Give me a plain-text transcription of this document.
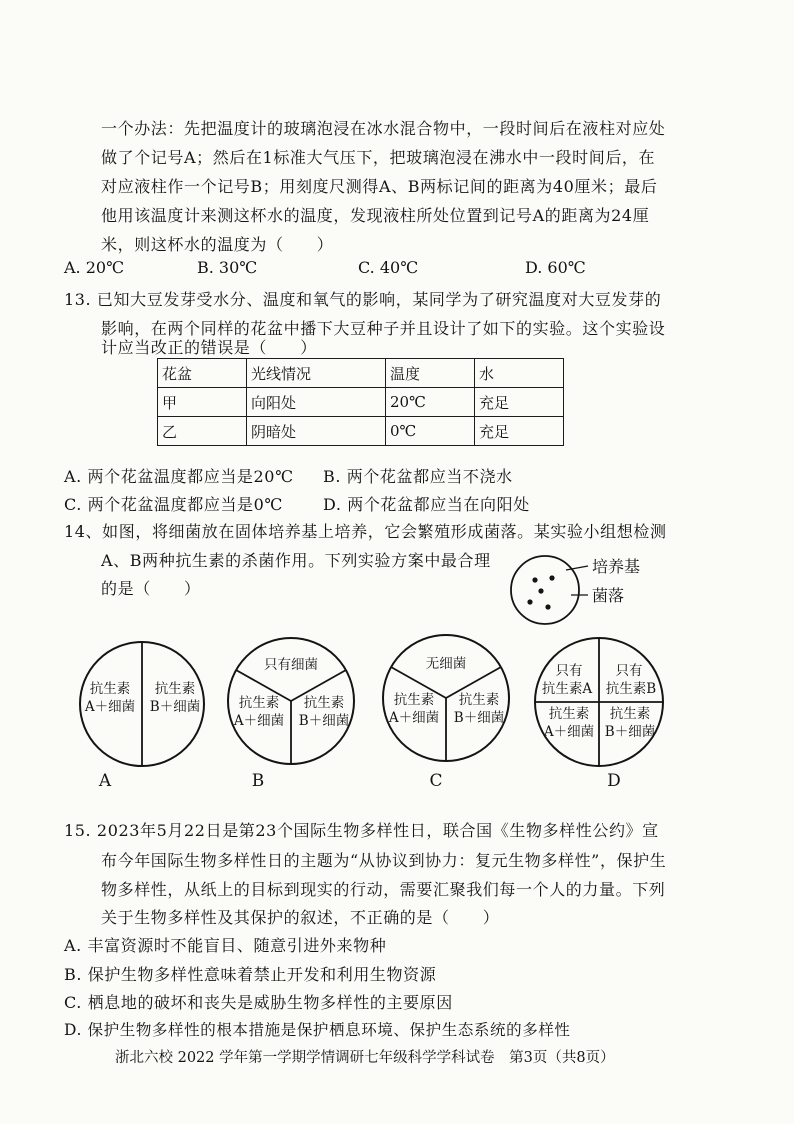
一个办法：先把温度计的玻璃泡浸在冰水混合物中，一段时间后在液柱对应处
做了个记号A；然后在1标准大气压下，把玻璃泡浸在沸水中一段时间后，在
对应液柱作一个记号B；用刻度尺测得A、B两标记间的距离为40厘米；最后
他用该温度计来测这杯水的温度，发现液柱所处位置到记号A的距离为24厘
米，则这杯水的温度为（　　）
A. 20℃	B. 30℃	C. 40℃	D. 60℃
13. 已知大豆发芽受水分、温度和氧气的影响，某同学为了研究温度对大豆发芽的
影响，在两个同样的花盆中播下大豆种子并且设计了如下的实验。这个实验设
计应当改正的错误是（　　）
花盆	光线情况	温度	水
甲	向阳处	20℃	充足
乙	阴暗处	0℃	充足
A. 两个花盆温度都应当是20℃ B. 两个花盆都应当不浇水
C. 两个花盆温度都应当是0℃	D. 两个花盆都应当在向阳处
14、如图，将细菌放在固体培养基上培养，它会繁殖形成菌落。某实验小组想检测
A、B两种抗生素的杀菌作用。下列实验方案中最合理
的是（　　）
培养基
菌落
抗生素
A＋细菌
抗生素
B＋细菌
A
只有细菌
抗生素
A＋细菌
抗生素
B＋细菌
B
无细菌
抗生素
A＋细菌
抗生素
B＋细菌
C
只有
抗生素A
只有
抗生素B
抗生素
A＋细菌
抗生素
B＋细菌
D
15. 2023年5月22日是第23个国际生物多样性日，联合国《生物多样性公约》宣
布今年国际生物多样性日的主题为“从协议到协力：复元生物多样性”，保护生
物多样性，从纸上的目标到现实的行动，需要汇聚我们每一个人的力量。下列
关于生物多样性及其保护的叙述，不正确的是（　　）
A. 丰富资源时不能盲目、随意引进外来物种
B. 保护生物多样性意味着禁止开发和利用生物资源
C. 栖息地的破坏和丧失是威胁生物多样性的主要原因
D. 保护生物多样性的根本措施是保护栖息环境、保护生态系统的多样性
浙北六校 2022 学年第一学期学情调研七年级科学学科试卷　第3页（共8页）
